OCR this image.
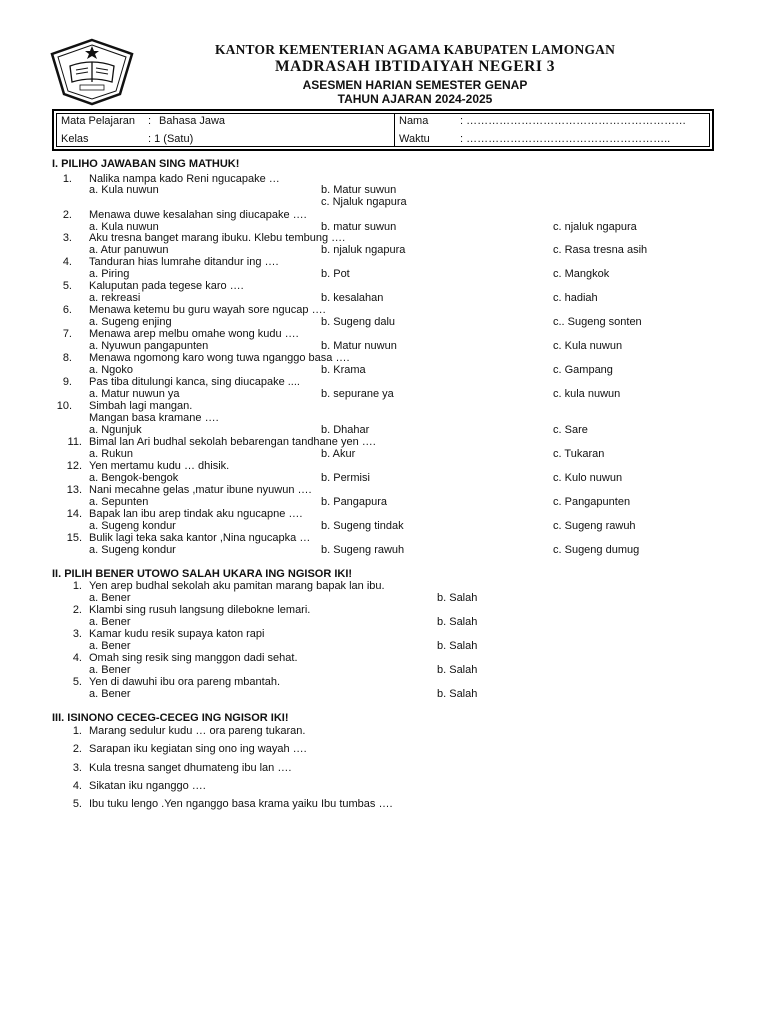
KANTOR KEMENTERIAN AGAMA KABUPATEN LAMONGAN
MADRASAH IBTIDAIYAH NEGERI 3
ASESMEN HARIAN SEMESTER GENAP
TAHUN AJARAN 2024-2025
Mata Pelajaran : Bahasa Jawa
Kelas	: 1 (Satu)
Nama	: ……………………………………………………
Waktu	: ………………………………………………..
I. PILIHO JAWABAN SING MATHUK!
1. Nalika nampa kado Reni ngucapake …
a. Kula nuwun	b. Matur suwun
c. Njaluk ngapura
2. Menawa duwe kesalahan sing diucapake ….
a. Kula nuwun	b. matur suwun	c. njaluk ngapura
3. Aku tresna banget marang ibuku. Klebu tembung ….
a. Atur panuwun	b. njaluk ngapura	c. Rasa tresna asih
4. Tanduran hias lumrahe ditandur ing ….
a. Piring	b. Pot	c. Mangkok
5. Kaluputan pada tegese karo ….
a. rekreasi	b. kesalahan	c. hadiah
6. Menawa ketemu bu guru wayah sore ngucap ….
a. Sugeng enjing	b. Sugeng dalu	c.. Sugeng sonten
7. Menawa arep melbu omahe wong kudu ….
a. Nyuwun pangapunten	b. Matur nuwun	c. Kula nuwun
8. Menawa ngomong karo wong tuwa nganggo basa ….
a. Ngoko	b. Krama	c. Gampang
9. Pas tiba ditulungi kanca, sing diucapake ....
a. Matur nuwun ya	b. sepurane ya	c. kula nuwun
10. Simbah lagi mangan.
Mangan basa kramane ….
a. Ngunjuk	b. Dhahar	c. Sare
11. Bimal lan Ari budhal sekolah bebarengan tandhane yen ….
a. Rukun	b. Akur	c. Tukaran
12. Yen mertamu kudu … dhisik.
a. Bengok-bengok	b. Permisi	c. Kulo nuwun
13. Nani mecahne gelas ,matur ibune nyuwun ….
a. Sepunten	b. Pangapura	c. Pangapunten
14. Bapak lan ibu arep tindak aku ngucapne ….
a. Sugeng kondur	b. Sugeng tindak	c. Sugeng rawuh
15. Bulik lagi teka saka kantor ,Nina ngucapka …
a. Sugeng kondur	b. Sugeng rawuh	c. Sugeng dumug
II. PILIH BENER UTOWO SALAH UKARA ING NGISOR IKI!
1. Yen arep budhal sekolah aku pamitan marang bapak lan ibu.
a. Bener	b. Salah
2. Klambi sing rusuh langsung dilebokne lemari.
a. Bener	b. Salah
3. Kamar kudu resik supaya katon rapi
a. Bener	b. Salah
4. Omah sing resik sing manggon dadi sehat.
a. Bener	b. Salah
5. Yen di dawuhi ibu ora pareng mbantah.
a. Bener	b. Salah
III. ISINONO CECEG-CECEG ING NGISOR IKI!
1. Marang sedulur kudu … ora pareng tukaran.
2. Sarapan iku kegiatan sing ono ing wayah ….
3. Kula tresna sanget dhumateng ibu lan ….
4. Sikatan iku nganggo ….
5. Ibu tuku lengo .Yen nganggo basa krama yaiku Ibu tumbas ….
